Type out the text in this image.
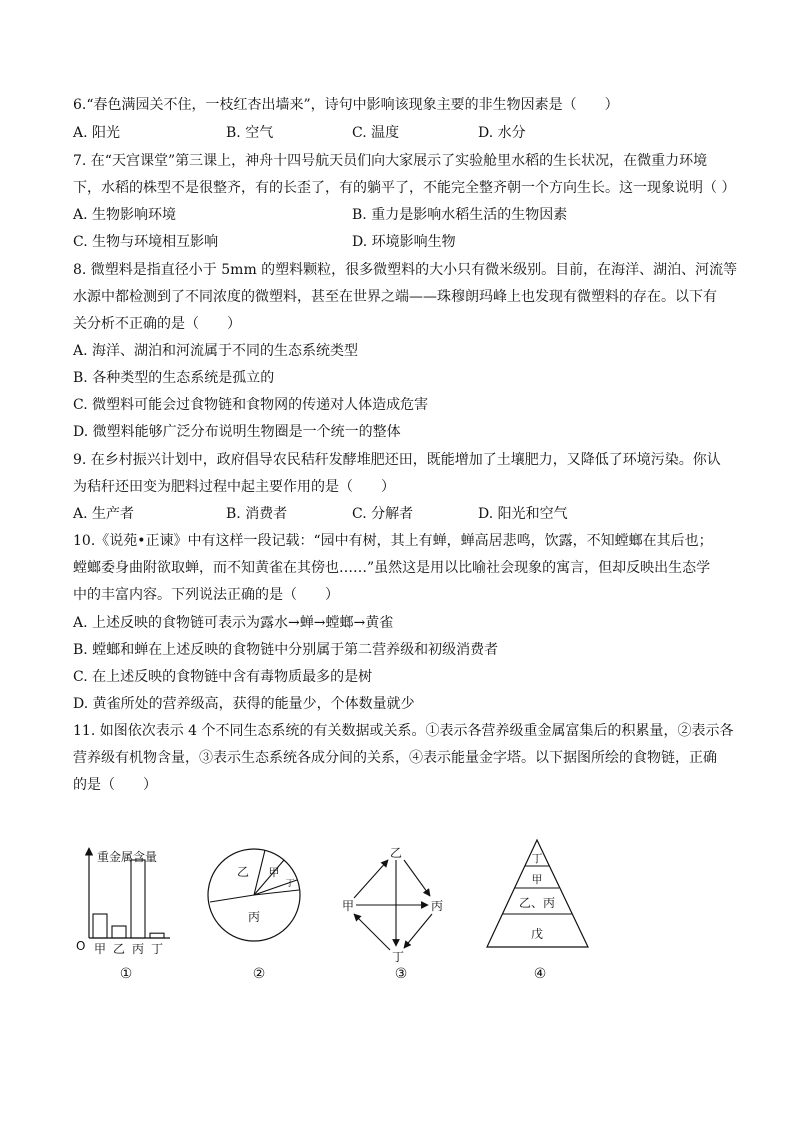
6.“春色满园关不住，一枝红杏出墙来”，诗句中影响该现象主要的非生物因素是（　　）
A. 阳光	B. 空气	C. 温度	D. 水分
7. 在“天宫课堂”第三课上，神舟十四号航天员们向大家展示了实验舱里水稻的生长状况，在微重力环境
下，水稻的株型不是很整齐，有的长歪了，有的躺平了，不能完全整齐朝一个方向生长。这一现象说明（ ）
A. 生物影响环境	B. 重力是影响水稻生活的生物因素
C. 生物与环境相互影响	D. 环境影响生物
8. 微塑料是指直径小于 5mm 的塑料颗粒，很多微塑料的大小只有微米级别。目前，在海洋、湖泊、河流等
水源中都检测到了不同浓度的微塑料，甚至在世界之端——珠穆朗玛峰上也发现有微塑料的存在。以下有
关分析不正确的是（　　）
A. 海洋、湖泊和河流属于不同的生态系统类型
B. 各种类型的生态系统是孤立的
C. 微塑料可能会过食物链和食物网的传递对人体造成危害
D. 微塑料能够广泛分布说明生物圈是一个统一的整体
9. 在乡村振兴计划中，政府倡导农民秸秆发酵堆肥还田，既能增加了土壤肥力，又降低了环境污染。你认
为秸秆还田变为肥料过程中起主要作用的是（　　）
A. 生产者	B. 消费者	C. 分解者	D. 阳光和空气
10.《说苑•正谏》中有这样一段记载：“园中有树，其上有蝉，蝉高居悲鸣，饮露，不知螳螂在其后也；
螳螂委身曲附欲取蝉，而不知黄雀在其傍也……”虽然这是用以比喻社会现象的寓言，但却反映出生态学
中的丰富内容。下列说法正确的是（　　）
A. 上述反映的食物链可表示为露水→蝉→螳螂→黄雀
B. 螳螂和蝉在上述反映的食物链中分别属于第二营养级和初级消费者
C. 在上述反映的食物链中含有毒物质最多的是树
D. 黄雀所处的营养级高，获得的能量少，个体数量就少
11. 如图依次表示 4 个不同生态系统的有关数据或关系。①表示各营养级重金属富集后的积累量，②表示各
营养级有机物含量，③表示生态系统各成分间的关系，④表示能量金字塔。以下据图所绘的食物链，正确
的是（　　）
重金属含量
O 甲 乙 丙 丁
①
乙 甲
丁
丙
②
乙
甲	丙
丁
③
丁
甲
乙、丙
戊
④
